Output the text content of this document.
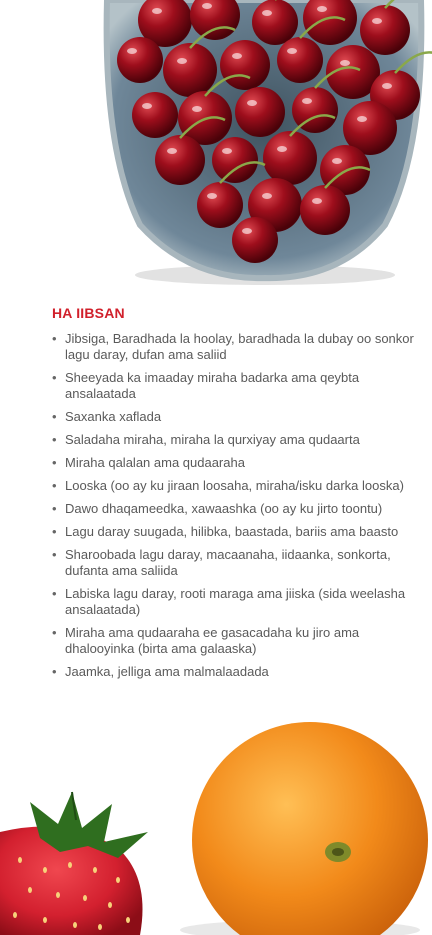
HA IIBSAN
• Jibsiga, Baradhada la hoolay, baradhada la dubay oo sonkor lagu daray, dufan ama saliid
• Sheeyada ka imaaday miraha badarka ama qeybta ansalaatada
• Saxanka xaflada
• Saladaha miraha, miraha la qurxiyay ama qudaarta
• Miraha qalalan ama qudaaraha
• Looska (oo ay ku jiraan loosaha, miraha/isku darka looska)
• Dawo dhaqameedka, xawaashka (oo ay ku jirto toontu)
• Lagu daray suugada, hilibka, baastada, bariis ama baasto
• Sharoobada lagu daray, macaanaha, iidaanka, sonkorta, dufanta ama saliida
• Labiska lagu daray, rooti maraga ama jiiska (sida weelasha ansalaatada)
• Miraha ama qudaaraha ee gasacadaha ku jiro ama dhalooyinka (birta ama galaaska)
• Jaamka, jelliga ama malmalaadada
